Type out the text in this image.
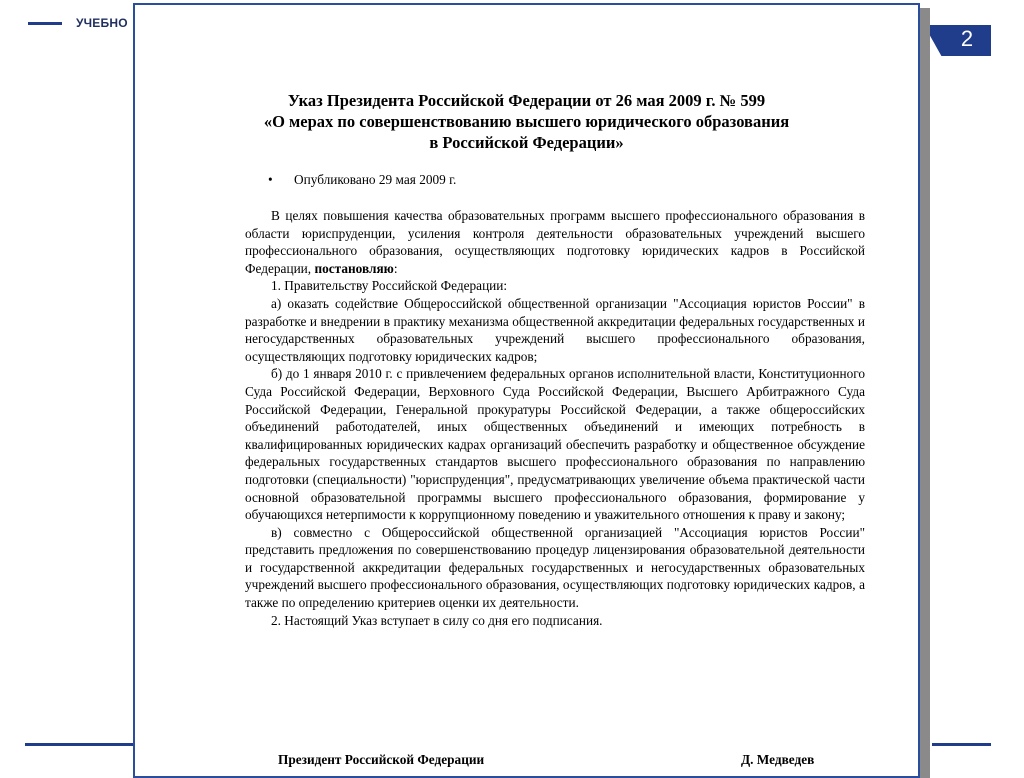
УЧЕБНО
2
Указ Президента Российской Федерации от 26 мая 2009 г. № 599
«О мерах по совершенствованию высшего юридического образования
в Российской Федерации»
• Опубликовано 29 мая 2009 г.

В целях повышения качества образовательных программ высшего профессионального образования в области юриспруденции, усиления контроля деятельности образовательных учреждений высшего профессионального образования, осуществляющих подготовку юридических кадров в Российской Федерации, постановляю:

1. Правительству Российской Федерации:

а) оказать содействие Общероссийской общественной организации "Ассоциация юристов России" в разработке и внедрении в практику механизма общественной аккредитации федеральных государственных и негосударственных образовательных учреждений высшего профессионального образования, осуществляющих подготовку юридических кадров;

б) до 1 января 2010 г. с привлечением федеральных органов исполнительной власти, Конституционного Суда Российской Федерации, Верховного Суда Российской Федерации, Высшего Арбитражного Суда Российской Федерации, Генеральной прокуратуры Российской Федерации, а также общероссийских объединений работодателей, иных общественных объединений и имеющих потребность в квалифицированных юридических кадрах организаций обеспечить разработку и общественное обсуждение федеральных государственных стандартов высшего профессионального образования по направлению подготовки (специальности) "юриспруденция", предусматривающих увеличение объема практической части основной образовательной программы высшего профессионального образования, формирование у обучающихся нетерпимости к коррупционному поведению и уважительного отношения к праву и закону;

в) совместно с Общероссийской общественной организацией "Ассоциация юристов России" представить предложения по совершенствованию процедур лицензирования образовательной деятельности и государственной аккредитации федеральных государственных и негосударственных образовательных учреждений высшего профессионального образования, осуществляющих подготовку юридических кадров, а также по определению критериев оценки их деятельности.

2. Настоящий Указ вступает в силу со дня его подписания.

Президент Российской Федерации	Д. Медведев
